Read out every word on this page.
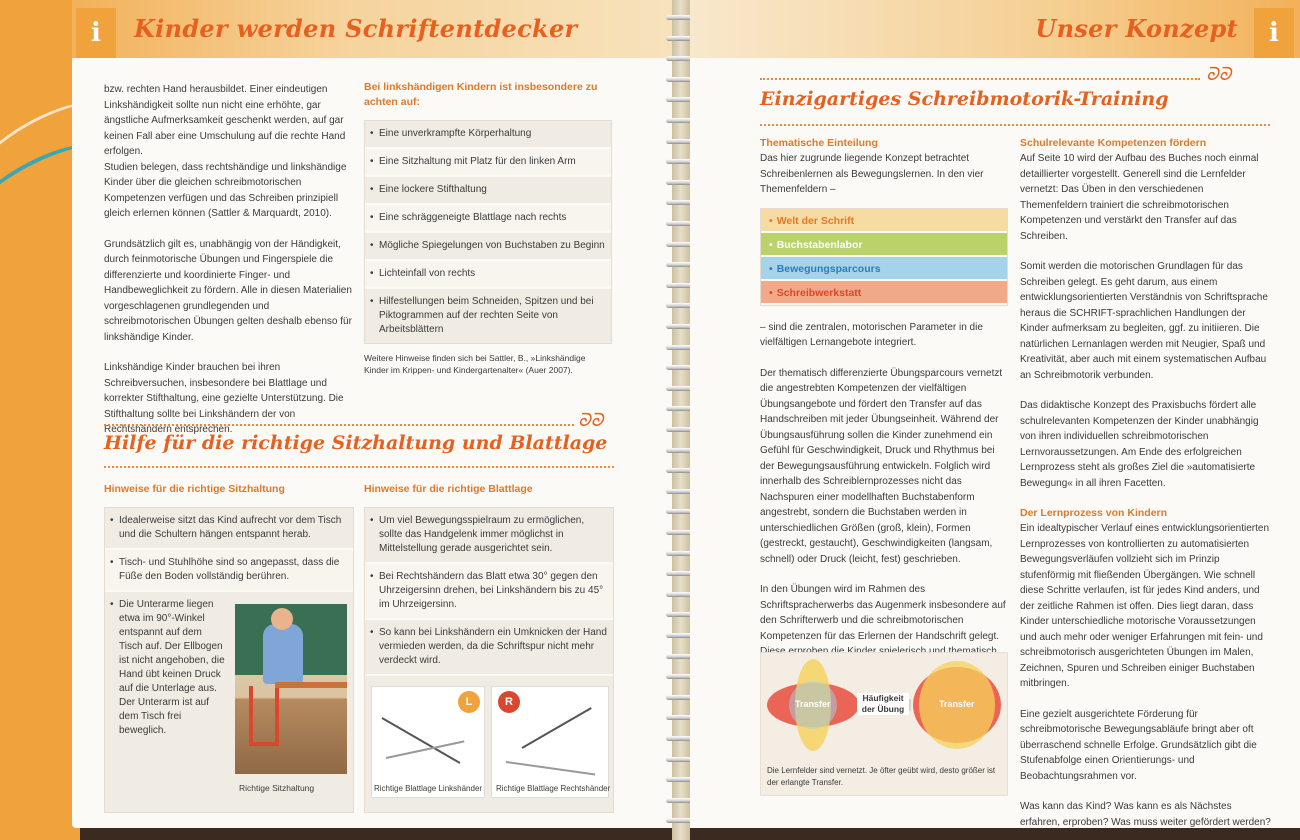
i	Kinder werden Schriftentdecker

bzw. rechten Hand herausbildet. Einer eindeutigen Linkshändigkeit sollte nun nicht eine erhöhte, gar ängstliche Aufmerksamkeit geschenkt werden, auf gar keinen Fall aber eine Umschulung auf die rechte Hand erfolgen.

Studien belegen, dass rechtshändige und linkshändige Kinder über die gleichen schreibmotorischen Kompetenzen verfügen und das Schreiben prinzipiell gleich erlernen können (Sattler & Marquardt, 2010).

Grundsätzlich gilt es, unabhängig von der Händigkeit, durch feinmotorische Übungen und Fingerspiele die differenzierte und koordinierte Finger- und Handbeweglichkeit zu fördern. Alle in diesen Materialien vorgeschlagenen grundlegenden und schreibmotorischen Übungen gelten deshalb ebenso für linkshändige Kinder.

Linkshändige Kinder brauchen bei ihren Schreibversuchen, insbesondere bei Blattlage und korrekter Stifthaltung, eine gezielte Unterstützung. Die Stifthaltung sollte bei Linkshändern der von Rechtshändern entsprechen.

Bei linkshändigen Kindern ist insbesondere zu achten auf:
• Eine unverkrampfte Körperhaltung
• Eine Sitzhaltung mit Platz für den linken Arm
• Eine lockere Stifthaltung
• Eine schräggeneigte Blattlage nach rechts
• Mögliche Spiegelungen von Buchstaben zu Beginn
• Lichteinfall von rechts
• Hilfestellungen beim Schneiden, Spitzen und bei Piktogrammen auf der rechten Seite von Arbeitsblättern
Weitere Hinweise finden sich bei Sattler, B., »Linkshändige Kinder im Krippen- und Kindergartenalter« (Auer 2007).
ᘐᘐ
Hilfe für die richtige Sitzhaltung und Blattlage
Hinweise für die richtige Sitzhaltung
• Idealerweise sitzt das Kind aufrecht vor dem Tisch und die Schultern hängen entspannt herab.
• Tisch- und Stuhlhöhe sind so angepasst, dass die Füße den Boden vollständig berühren.
• Die Unterarme liegen etwa im 90°-Winkel entspannt auf dem Tisch auf. Der Ellbogen ist nicht angehoben, die Hand übt keinen Druck auf die Unterlage aus. Der Unterarm ist auf dem Tisch frei beweglich.
Richtige Sitzhaltung
Hinweise für die richtige Blattlage
• Um viel Bewegungsspielraum zu ermöglichen, sollte das Handgelenk immer möglichst in Mittelstellung gerade ausgerichtet sein.
• Bei Rechtshändern das Blatt etwa 30° gegen den Uhrzeigersinn drehen, bei Linkshändern bis zu 45° im Uhrzeigersinn.
• So kann bei Linkshändern ein Umknicken der Hand vermieden werden, da die Schriftspur nicht mehr verdeckt wird.
L
Richtige Blattlage Linkshänder
R
Richtige Blattlage Rechtshänder
i
Unser Konzept
ᘐᘐ
Einzigartiges Schreibmotorik-Training
Thematische Einteilung

Das hier zugrunde liegende Konzept betrachtet Schreibenlernen als Bewegungslernen. In den vier Themenfeldern –

• Welt der Schrift
• Buchstabenlabor
• Bewegungsparcours
• Schreibwerkstatt

– sind die zentralen, motorischen Parameter in die vielfältigen Lernangebote integriert.

Der thematisch differenzierte Übungsparcours vernetzt die angestrebten Kompetenzen der vielfältigen Übungsangebote und fördert den Transfer auf das Handschreiben mit jeder Übungseinheit. Während der Übungsausführung sollen die Kinder zunehmend ein Gefühl für Geschwindigkeit, Druck und Rhythmus bei der Bewegungsausführung entwickeln. Folglich wird innerhalb des Schreiblernprozesses nicht das Nachspuren einer modellhaften Buchstabenform angestrebt, sondern die Buchstaben werden in unterschiedlichen Größen (groß, klein), Formen (gestreckt, gestaucht), Geschwindigkeiten (langsam, schnell) oder Druck (leicht, fest) geschrieben.

In den Übungen wird im Rahmen des Schriftspracherwerbs das Augenmerk insbesondere auf den Schrifterwerb und die schreibmotorischen Kompetenzen für das Erlernen der Handschrift gelegt.

Transfer
Häufigkeit der Übung	Transfer
Die Lernfelder sind vernetzt. Je öfter geübt wird, desto größer ist der erlangte Transfer.
Schulrelevante Kompetenzen fördern

Auf Seite 10 wird der Aufbau des Buches noch einmal detaillierter vorgestellt. Generell sind die Lernfelder vernetzt: Das Üben in den verschiedenen Themenfeldern trainiert die schreibmotorischen Kompetenzen und verstärkt den Transfer auf das Schreiben.

Somit werden die motorischen Grundlagen für das Schreiben gelegt. Es geht darum, aus einem entwicklungsorientierten Verständnis von Schriftsprache heraus die SCHRIFT-sprachlichen Handlungen der Kinder aufmerksam zu begleiten, ggf. zu initiieren. Die natürlichen Lernanlagen werden mit Neugier, Spaß und Kreativität, aber auch mit einem systematischen Aufbau an Schreibmotorik verbunden.

Das didaktische Konzept des Praxisbuchs fördert alle schulrelevanten Kompetenzen der Kinder unabhängig von ihren individuellen schreibmotorischen Lernvoraussetzungen. Am Ende des erfolgreichen Lernprozess steht als großes Ziel die »automatisierte Bewegung« in all ihren Facetten.

Der Lernprozess von Kindern

Ein idealtypischer Verlauf eines entwicklungsorientierten Lernprozesses von kontrollierten zu automatisierten Bewegungsverläufen vollzieht sich im Prinzip stufenförmig mit fließenden Übergängen. Wie schnell diese Schritte verlaufen, ist für jedes Kind anders, und der zeitliche Rahmen ist offen. Dies liegt daran, dass Kinder unterschiedliche motorische Voraussetzungen und auch mehr oder weniger Erfahrungen mit fein- und schreibmotorisch ausgerichteten Übungen im Malen, Zeichnen, Spuren und Schreiben einiger Buchstaben mitbringen.

Eine gezielt ausgerichtete Förderung für schreibmotorische Bewegungsabläufe bringt aber oft überraschend schnelle Erfolge. Grundsätzlich gibt die Stufenabfolge einen Orientierungs- und Beobachtungsrahmen vor.

Was kann das Kind? Was kann es als Nächstes erfahren, erproben? Was muss weiter gefördert werden?
